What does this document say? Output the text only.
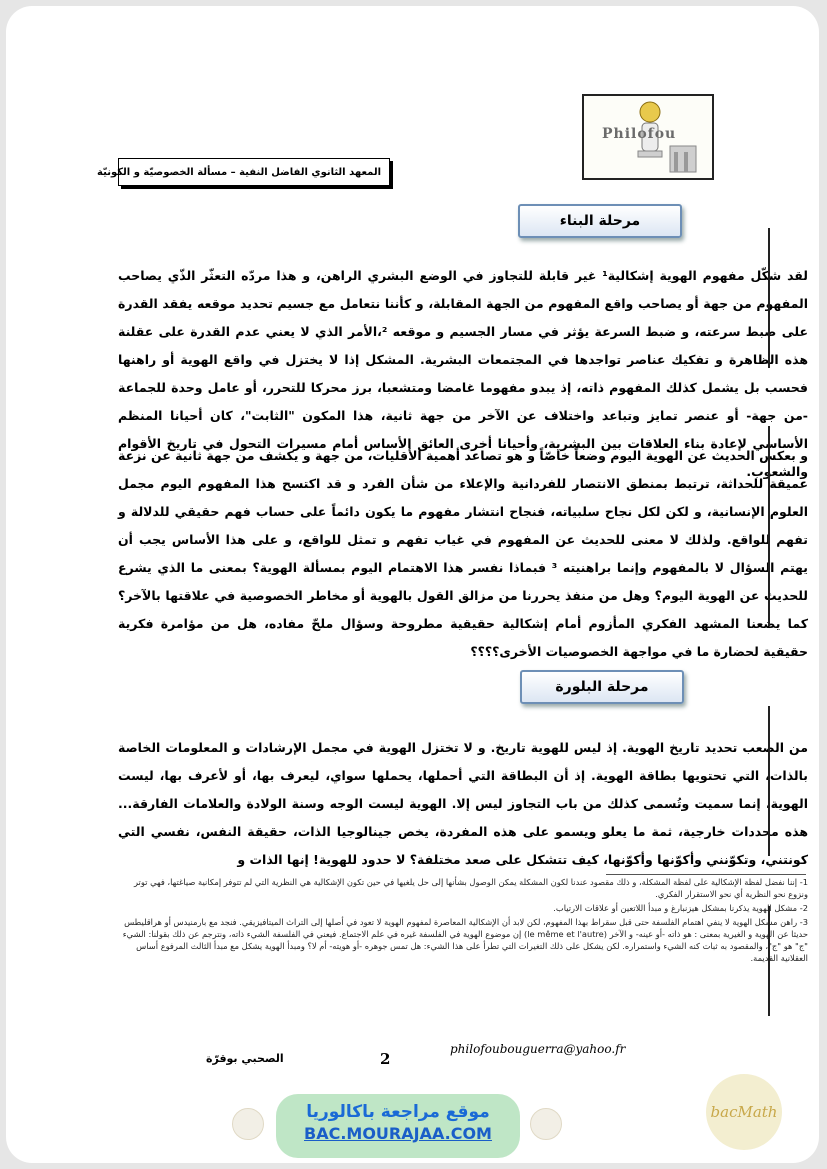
Philofou
المعهد الثانوي الفاضل النفية – مسألة الخصوصيّة و الكونيّة
مرحلة البناء
لقد شكّل مفهوم الهوية إشكالية¹ غير قابلة للتجاوز في الوضع البشري الراهن، و هذا مردّه التعثّر الذّي يصاحب المفهوم من جهة أو يصاحب واقع المفهوم من الجهة المقابلة، و كأننا نتعامل مع جسيم تحديد موقعه يفقد القدرة على ضبط سرعته، و ضبط السرعة يؤثر في مسار الجسيم و موقعه ²،الأمر الذي لا يعني عدم القدرة على عقلنة هذه الظاهرة و تفكيك عناصر تواجدها في المجتمعات البشرية. المشكل إذا لا يختزل في واقع الهوية أو راهنها فحسب بل يشمل كذلك المفهوم ذاته، إذ يبدو مفهوما غامضا ومتشعبا، برز محركا للتحرر، أو عامل وحدة للجماعة -من جهة- أو عنصر تمايز وتباعد واختلاف عن الآخر من جهة ثانية، هذا المكون "الثابت"، كان أحيانا المنظم الأساسي لإعادة بناء العلاقات بين البشرية، وأحيانا أخرى العائق الأساس أمام مسيرات التحول في تاريخ الأقوام والشعوب.
و بعكس الحديث عن الهوية اليوم وضعاً خاصّاً و هو تصاعد أهمية الأقليات، من جهة و يكشف من جهة ثانية عن نزعة عميقة للحداثة، ترتبط بمنطق الانتصار للفردانية والإعلاء من شأن الفرد و قد اكتسح هذا المفهوم اليوم مجمل العلوم الإنسانية، و لكن لكل نجاح سلبياته، فنجاح انتشار مفهوم ما يكون دائماً على حساب فهم حقيقي للدلالة و تفهم للواقع. ولذلك لا معنى للحديث عن المفهوم في غياب تفهم و تمثل للواقع، و على هذا الأساس يجب أن يهتم السؤال لا بالمفهوم وإنما براهنيته ³ فبماذا نفسر هذا الاهتمام اليوم بمسألة الهوية؟ بمعنى ما الذي يشرع للحديث عن الهوية اليوم؟ وهل من منفذ يحررنا من مزالق القول بالهوية أو مخاطر الخصوصية في علاقتها بالآخر؟ كما يضعنا المشهد الفكري المأزوم أمام إشكالية حقيقية مطروحة وسؤال ملحّ مفاده، هل من مؤامرة فكرية حقيقية لحضارة ما في مواجهة الخصوصيات الأخرى؟؟؟؟
مرحلة البلورة
من الصعب تحديد تاريخ الهوية. إذ ليس للهوية تاريخ. و لا تختزل الهوية في مجمل الإرشادات و المعلومات الخاصة بالذات، التي تحتويها بطاقة الهوية. إذ أن البطاقة التي أحملها، يحملها سواي، ليعرف بها، أو لأعرف بها، ليست الهوية، إنما سميت وتُسمى كذلك من باب التجاوز ليس إلا. الهوية ليست الوجه وسنة الولادة والعلامات الفارقة... هذه محددات خارجية، ثمة ما يعلو ويسمو على هذه المفردة، يخص جينالوجيا الذات، حقيقة النفس، نفسي التي كونتني، وتكوّنني وأكوّنها وأكوّنها، كيف تتشكل على صعد مختلفة؟ لا حدود للهوية! إنها الذات و

1- إننا نفضل لفظة الإشكالية على لفظة المشكلة، و ذلك مقصود عندنا لكون المشكلة يمكن الوصول بشأنها إلى حل يلغيها في حين تكون الإشكالية هي النظرية التي لم تتوفر إمكانية صياغتها، فهي توتر ونزوع نحو النظرية أي نحو الاستقرار الفكري.

2- مشكل الهوية يذكرنا بمشكل هيزنبارغ و مبدأ اللاتعين أو علاقات الارتياب.

3- راهن مشكل الهوية لا ينفي اهتمام الفلسفة حتى قبل سقراط بهذا المفهوم، لكن لابد أن الإشكالية المعاصرة لمفهوم الهوية لا تعود في أصلها إلى التراث الميتافيزيقي. فنجد مع بارمنيدس أو هراقليطس حديثا عن الهوية و الغيرية بمعنى : هو ذاته -أو عينه- و الآخر (le même et l'autre) إن موضوع الهوية في الفلسفة غيره في علم الاجتماع. فيعني في الفلسفة الشيء ذاته، ونترجم عن ذلك بقولنا: الشيء "ج" هو "ج"، والمقصود به ثبات كنه الشيء واستمراره. لكن يشكل على ذلك التغيرات التي تطرأ على هذا الشيء: هل تمس جوهره -أو هويته- أم لا؟ ومبدأ الهوية يشكل مع مبدأ الثالث المرفوع أساس العقلانية القديمة.

philofoubouguerra@yahoo.fr
2
الصحبي بوقرّة
موقع مراجعة باكالوريا
BAC.MOURAJAA.COM
bacMath
